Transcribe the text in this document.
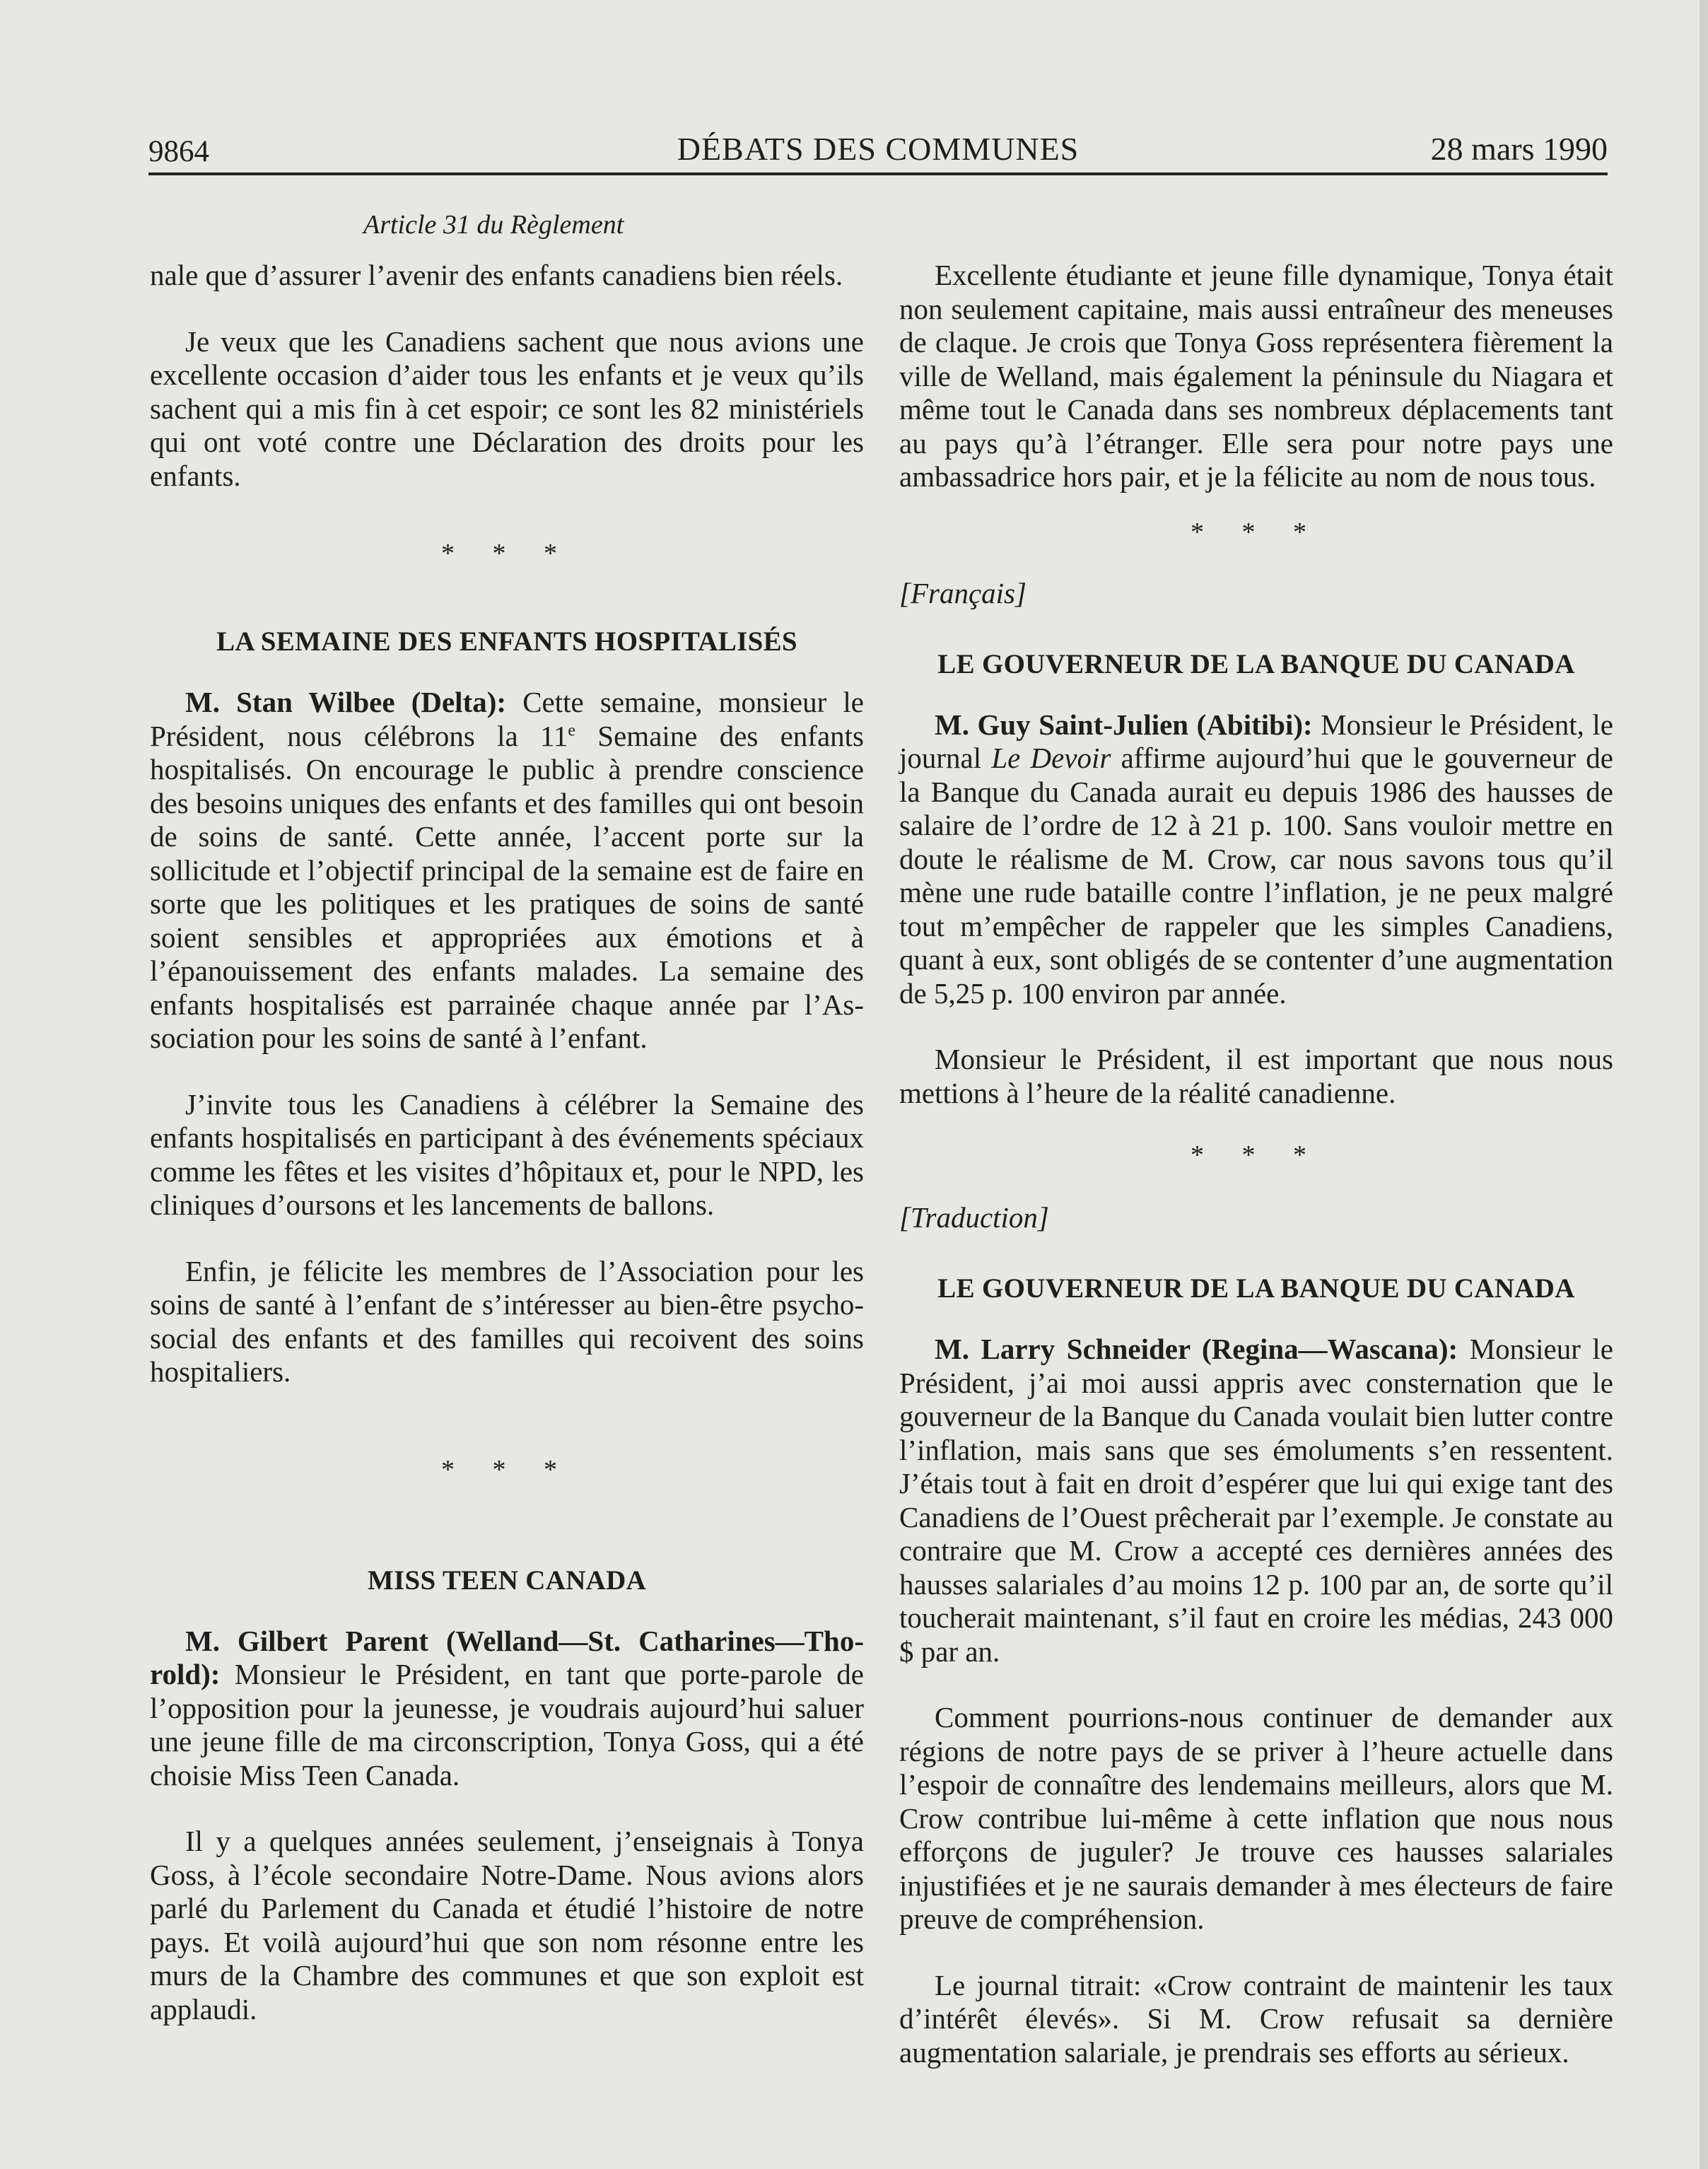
9864	DÉBATS DES COMMUNES	28 mars 1990
Article 31 du Règlement

nale que d’assurer l’avenir des enfants canadiens bien réels.

Je veux que les Canadiens sachent que nous avions une excellente occasion d’aider tous les enfants et je veux qu’ils sachent qui a mis fin à cet espoir; ce sont les 82 ministériels qui ont voté contre une Déclaration des droits pour les enfants.

* * *
LA SEMAINE DES ENFANTS HOSPITALISÉS

M. Stan Wilbee (Delta): Cette semaine, monsieur le Président, nous célébrons la 11e Semaine des enfants hospitalisés. On encourage le public à prendre conscience des besoins uniques des enfants et des familles qui ont besoin de soins de santé. Cette année, l’accent porte sur la sollicitude et l’objectif principal de la semaine est de faire en sorte que les politiques et les pratiques de soins de santé soient sensibles et appropriées aux émotions et à l’épanouissement des enfants malades. La semaine des enfants hospitalisés est parrainée chaque année par l’Association pour les soins de santé à l’enfant.

J’invite tous les Canadiens à célébrer la Semaine des enfants hospitalisés en participant à des événements spéciaux comme les fêtes et les visites d’hôpitaux et, pour le NPD, les cliniques d’oursons et les lancements de ballons.

Enfin, je félicite les membres de l’Association pour les soins de santé à l’enfant de s’intéresser au bien-être psycho-social des enfants et des familles qui recoivent des soins hospitaliers.

* * *
MISS TEEN CANADA

M. Gilbert Parent (Welland—St. Catharines—Thorold): Monsieur le Président, en tant que porte-parole de l’opposition pour la jeunesse, je voudrais aujourd’hui saluer une jeune fille de ma circonscription, Tonya Goss, qui a été choisie Miss Teen Canada.

Il y a quelques années seulement, j’enseignais à Tonya Goss, à l’école secondaire Notre-Dame. Nous avions alors parlé du Parlement du Canada et étudié l’histoire de notre pays. Et voilà aujourd’hui que son nom résonne entre les murs de la Chambre des communes et que son exploit est applaudi.

Excellente étudiante et jeune fille dynamique, Tonya était non seulement capitaine, mais aussi entraîneur des meneuses de claque. Je crois que Tonya Goss représentera fièrement la ville de Welland, mais également la péninsule du Niagara et même tout le Canada dans ses nombreux déplacements tant au pays qu’à l’étranger. Elle sera pour notre pays une ambassadrice hors pair, et je la félicite au nom de nous tous.

* * *
[Français]
LE GOUVERNEUR DE LA BANQUE DU CANADA

M. Guy Saint-Julien (Abitibi): Monsieur le Président, le journal Le Devoir affirme aujourd’hui que le gouverneur de la Banque du Canada aurait eu depuis 1986 des hausses de salaire de l’ordre de 12 à 21 p. 100. Sans vouloir mettre en doute le réalisme de M. Crow, car nous savons tous qu’il mène une rude bataille contre l’inflation, je ne peux malgré tout m’empêcher de rappeler que les simples Canadiens, quant à eux, sont obligés de se contenter d’une augmentation de 5,25 p. 100 environ par année.

Monsieur le Président, il est important que nous nous mettions à l’heure de la réalité canadienne.

* * *
[Traduction]
LE GOUVERNEUR DE LA BANQUE DU CANADA

M. Larry Schneider (Regina—Wascana): Monsieur le Président, j’ai moi aussi appris avec consternation que le gouverneur de la Banque du Canada voulait bien lutter contre l’inflation, mais sans que ses émoluments s’en ressentent. J’étais tout à fait en droit d’espérer que lui qui exige tant des Canadiens de l’Ouest prêcherait par l’exemple. Je constate au contraire que M. Crow a accepté ces dernières années des hausses salariales d’au moins 12 p. 100 par an, de sorte qu’il toucherait maintenant, s’il faut en croire les médias, 243 000 $ par an.

Comment pourrions-nous continuer de demander aux régions de notre pays de se priver à l’heure actuelle dans l’espoir de connaître des lendemains meilleurs, alors que M. Crow contribue lui-même à cette inflation que nous nous efforçons de juguler? Je trouve ces hausses salariales injustifiées et je ne saurais demander à mes électeurs de faire preuve de compréhension.

Le journal titrait: «Crow contraint de maintenir les taux d’intérêt élevés». Si M. Crow refusait sa dernière augmentation salariale, je prendrais ses efforts au sérieux.
